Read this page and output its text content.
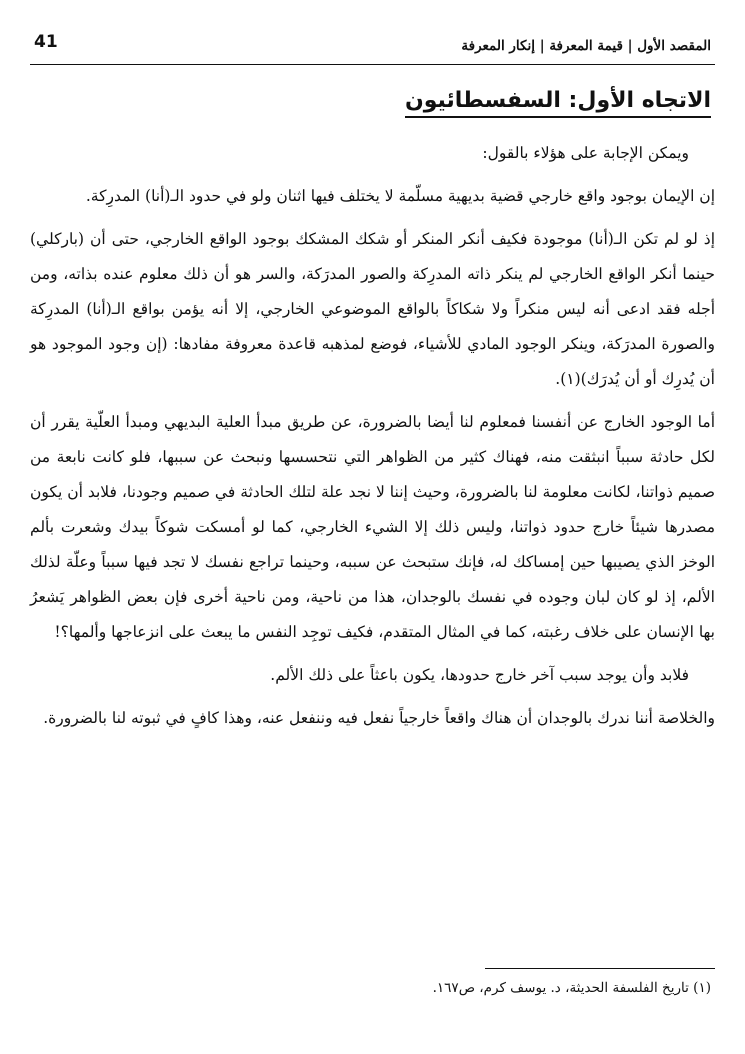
41	المقصد الأول | قيمة المعرفة | إنكار المعرفة
الاتجاه الأول: السفسطائيون

ويمكن الإجابة على هؤلاء بالقول:

إن الإيمان بوجود واقع خارجي قضية بديهية مسلّمة لا يختلف فيها اثنان ولو في حدود الـ(أنا) المدرِكة.

إذ لو لم تكن الـ(أنا) موجودة فكيف أنكر المنكر أو شكك المشكك بوجود الواقع الخارجي، حتى أن (باركلي) حينما أنكر الواقع الخارجي لم ينكر ذاته المدرِكة والصور المدرَكة، والسر هو أن ذلك معلوم عنده بذاته، ومن أجله فقد ادعى أنه ليس منكراً ولا شكاكاً بالواقع الموضوعي الخارجي، إلا أنه يؤمن بواقع الـ(أنا) المدرِكة والصورة المدرَكة، وينكر الوجود المادي للأشياء، فوضع لمذهبه قاعدة معروفة مفادها: (إن وجود الموجود هو أن يُدرِك أو أن يُدرَك)(١).

أما الوجود الخارج عن أنفسنا فمعلوم لنا أيضا بالضرورة، عن طريق مبدأ العلية البديهي ومبدأ العلّية يقرر أن لكل حادثة سبباً انبثقت منه، فهناك كثير من الظواهر التي نتحسسها ونبحث عن سببها، فلو كانت نابعة من صميم ذواتنا، لكانت معلومة لنا بالضرورة، وحيث إننا لا نجد علة لتلك الحادثة في صميم وجودنا، فلابد أن يكون مصدرها شيئاً خارج حدود ذواتنا، وليس ذلك إلا الشيء الخارجي، كما لو أمسكت شوكاً بيدك وشعرت بألم الوخز الذي يصيبها حين إمساكك له، فإنك ستبحث عن سببه، وحينما تراجع نفسك لا تجد فيها سبباً وعلّة لذلك الألم، إذ لو كان لبان وجوده في نفسك بالوجدان، هذا من ناحية، ومن ناحية أخرى فإن بعض الظواهر يَشعرُ بها الإنسان على خلاف رغبته، كما في المثال المتقدم، فكيف توجِد النفس ما يبعث على انزعاجها وألمها؟!

فلابد وأن يوجد سبب آخر خارج حدودها، يكون باعثاً على ذلك الألم.

والخلاصة أننا ندرك بالوجدان أن هناك واقعاً خارجياً نفعل فيه وننفعل عنه، وهذا كافٍ في ثبوته لنا بالضرورة.

(١) تاريخ الفلسفة الحديثة، د. يوسف كرم، ص١٦٧.
